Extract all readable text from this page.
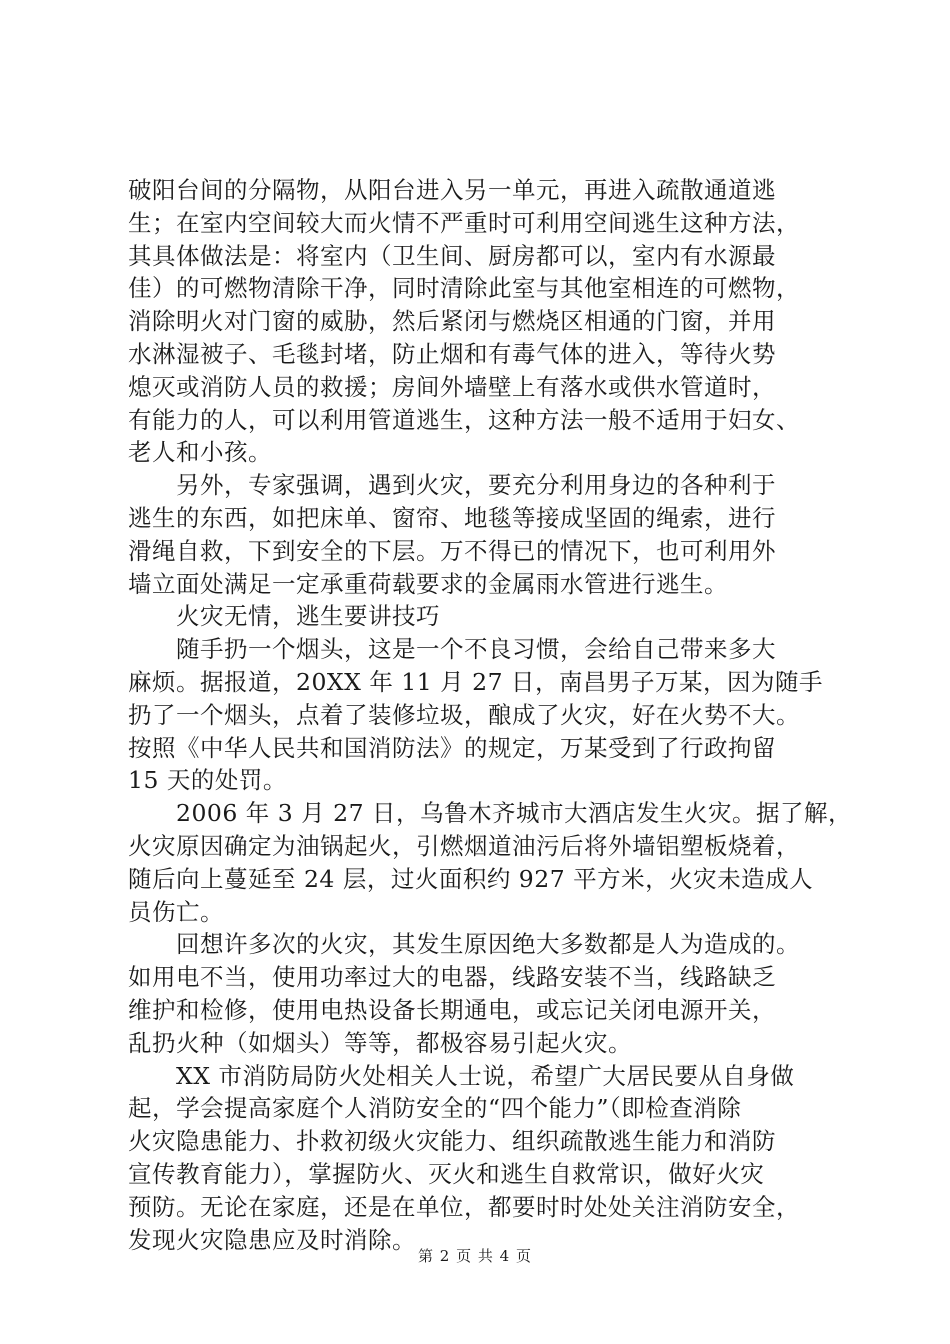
破阳台间的分隔物，从阳台进入另一单元，再进入疏散通道逃
生；在室内空间较大而火情不严重时可利用空间逃生这种方法，
其具体做法是：将室内（卫生间、厨房都可以，室内有水源最
佳）的可燃物清除干净，同时清除此室与其他室相连的可燃物，
消除明火对门窗的威胁，然后紧闭与燃烧区相通的门窗，并用
水淋湿被子、毛毯封堵，防止烟和有毒气体的进入，等待火势
熄灭或消防人员的救援；房间外墙壁上有落水或供水管道时，
有能力的人，可以利用管道逃生，这种方法一般不适用于妇女、
老人和小孩。
　　另外，专家强调，遇到火灾，要充分利用身边的各种利于
逃生的东西，如把床单、窗帘、地毯等接成坚固的绳索，进行
滑绳自救，下到安全的下层。万不得已的情况下，也可利用外
墙立面处满足一定承重荷载要求的金属雨水管进行逃生。
　　火灾无情，逃生要讲技巧
　　随手扔一个烟头，这是一个不良习惯，会给自己带来多大
麻烦。据报道，20XX 年 11 月 27 日，南昌男子万某，因为随手
扔了一个烟头，点着了装修垃圾，酿成了火灾，好在火势不大。
按照《中华人民共和国消防法》的规定，万某受到了行政拘留
15 天的处罚。
　　2006 年 3 月 27 日，乌鲁木齐城市大酒店发生火灾。据了解，
火灾原因确定为油锅起火，引燃烟道油污后将外墙铝塑板烧着，
随后向上蔓延至 24 层，过火面积约 927 平方米，火灾未造成人
员伤亡。
　　回想许多次的火灾，其发生原因绝大多数都是人为造成的。
如用电不当，使用功率过大的电器，线路安装不当，线路缺乏
维护和检修，使用电热设备长期通电，或忘记关闭电源开关，
乱扔火种（如烟头）等等，都极容易引起火灾。
　　XX 市消防局防火处相关人士说，希望广大居民要从自身做
起，学会提高家庭个人消防安全的“四个能力”（即检查消除
火灾隐患能力、扑救初级火灾能力、组织疏散逃生能力和消防
宣传教育能力），掌握防火、灭火和逃生自救常识，做好火灾
预防。无论在家庭，还是在单位，都要时时处处关注消防安全，
发现火灾隐患应及时消除。
第 2 页 共 4 页
